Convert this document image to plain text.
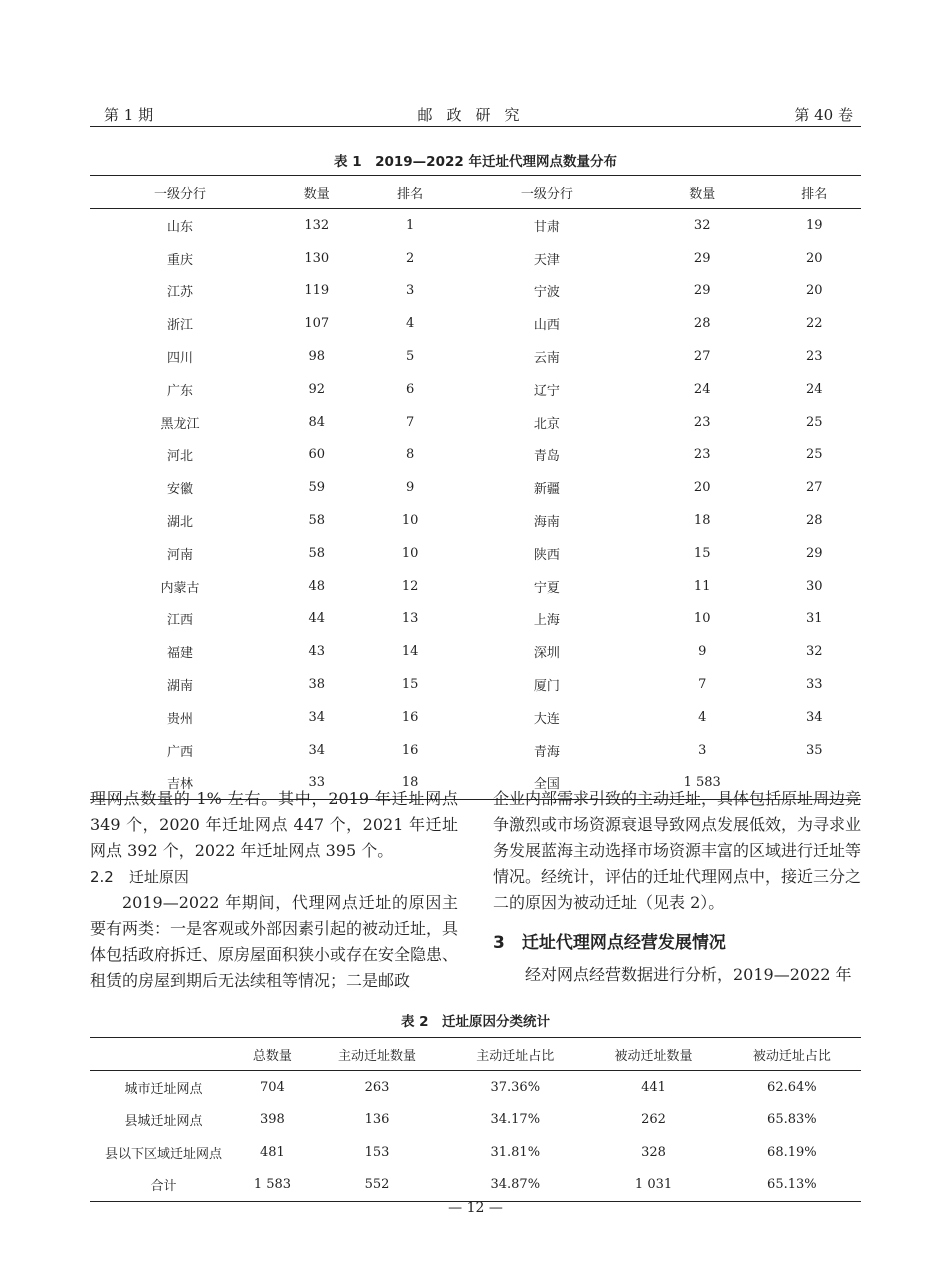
第 1 期	邮政研究	第 40 卷
表 1　2019—2022 年迁址代理网点数量分布
一级分行	数量	排名	一级分行	数量	排名
山东	132	1	甘肃	32	19
重庆	130	2	天津	29	20
江苏	119	3	宁波	29	20
浙江	107	4	山西	28	22
四川	98	5	云南	27	23
广东	92	6	辽宁	24	24
黑龙江	84	7	北京	23	25
河北	60	8	青岛	23	25
安徽	59	9	新疆	20	27
湖北	58	10	海南	18	28
河南	58	10	陕西	15	29
内蒙古	48	12	宁夏	11	30
江西	44	13	上海	10	31
福建	43	14	深圳	9	32
湖南	38	15	厦门	7	33
贵州	34	16	大连	4	34
广西	34	16	青海	3	35
吉林	33	18	全国	1 583	

理网点数量的 1% 左右。其中，2019 年迁址网点 349 个，2020 年迁址网点 447 个，2021 年迁址网点 392 个，2022 年迁址网点 395 个。

2.2　迁址原因

2019—2022 年期间，代理网点迁址的原因主要有两类：一是客观或外部因素引起的被动迁址，具体包括政府拆迁、原房屋面积狭小或存在安全隐患、租赁的房屋到期后无法续租等情况；二是邮政

企业内部需求引致的主动迁址，具体包括原址周边竞争激烈或市场资源衰退导致网点发展低效，为寻求业务发展蓝海主动选择市场资源丰富的区域进行迁址等情况。经统计，评估的迁址代理网点中，接近三分之二的原因为被动迁址（见表 2）。

3　迁址代理网点经营发展情况

经对网点经营数据进行分析，2019—2022 年

表 2　迁址原因分类统计
	总数量	主动迁址数量	主动迁址占比	被动迁址数量	被动迁址占比
城市迁址网点	704	263	37.36%	441	62.64%
县城迁址网点	398	136	34.17%	262	65.83%
县以下区域迁址网点	481	153	31.81%	328	68.19%
合计	1 583	552	34.87%	1 031	65.13%
— 12 —
